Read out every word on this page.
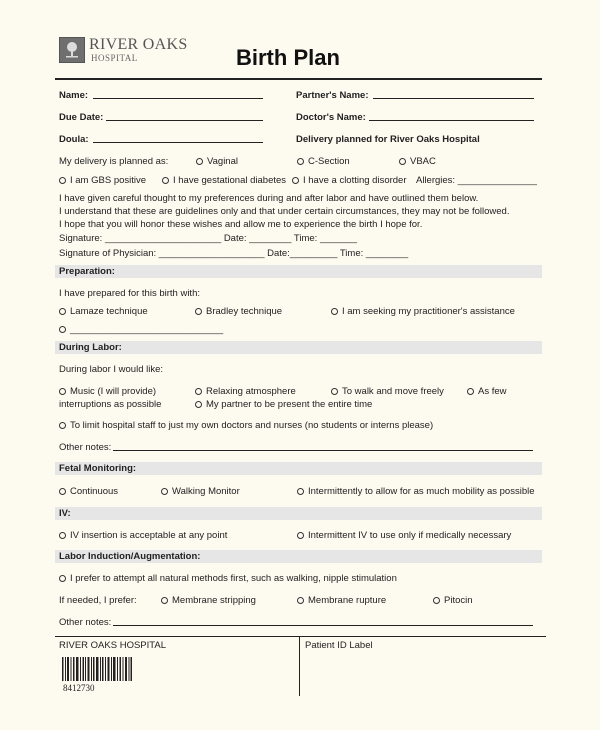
RIVER OAKS
HOSPITAL	Birth Plan
Name:	Partner's Name:
Due Date:	Doctor's Name:
Doula:	Delivery planned for River Oaks Hospital
My delivery is planned as:	Vaginal	C-Section	VBAC
I am GBS positive	I have gestational diabetes	I have a clotting disorder Allergies: _______________
I have given careful thought to my preferences during and after labor and have outlined them below.
I understand that these are guidelines only and that under certain circumstances, they may not be followed.
I hope that you will honor these wishes and allow me to experience the birth I hope for.
Signature: ______________________ Date: ________ Time: _______
Signature of Physician: ____________________ Date:_________ Time: ________
Preparation:
I have prepared for this birth with:
Lamaze technique	Bradley technique	I am seeking my practitioner's assistance
_____________________________
During Labor:
During labor I would like:
Music (I will provide)	Relaxing atmosphere	To walk and move freely	As few
interruptions as possible	My partner to be present the entire time
To limit hospital staff to just my own doctors and nurses (no students or interns please)
Other notes:
Fetal Monitoring:
Continuous	Walking Monitor	Intermittently to allow for as much mobility as possible
IV:
IV insertion is acceptable at any point	Intermittent IV to use only if medically necessary
Labor Induction/Augmentation:
I prefer to attempt all natural methods first, such as walking, nipple stimulation
If needed, I prefer:	Membrane stripping	Membrane rupture	Pitocin
Other notes:
RIVER OAKS HOSPITAL	Patient ID Label
8412730
